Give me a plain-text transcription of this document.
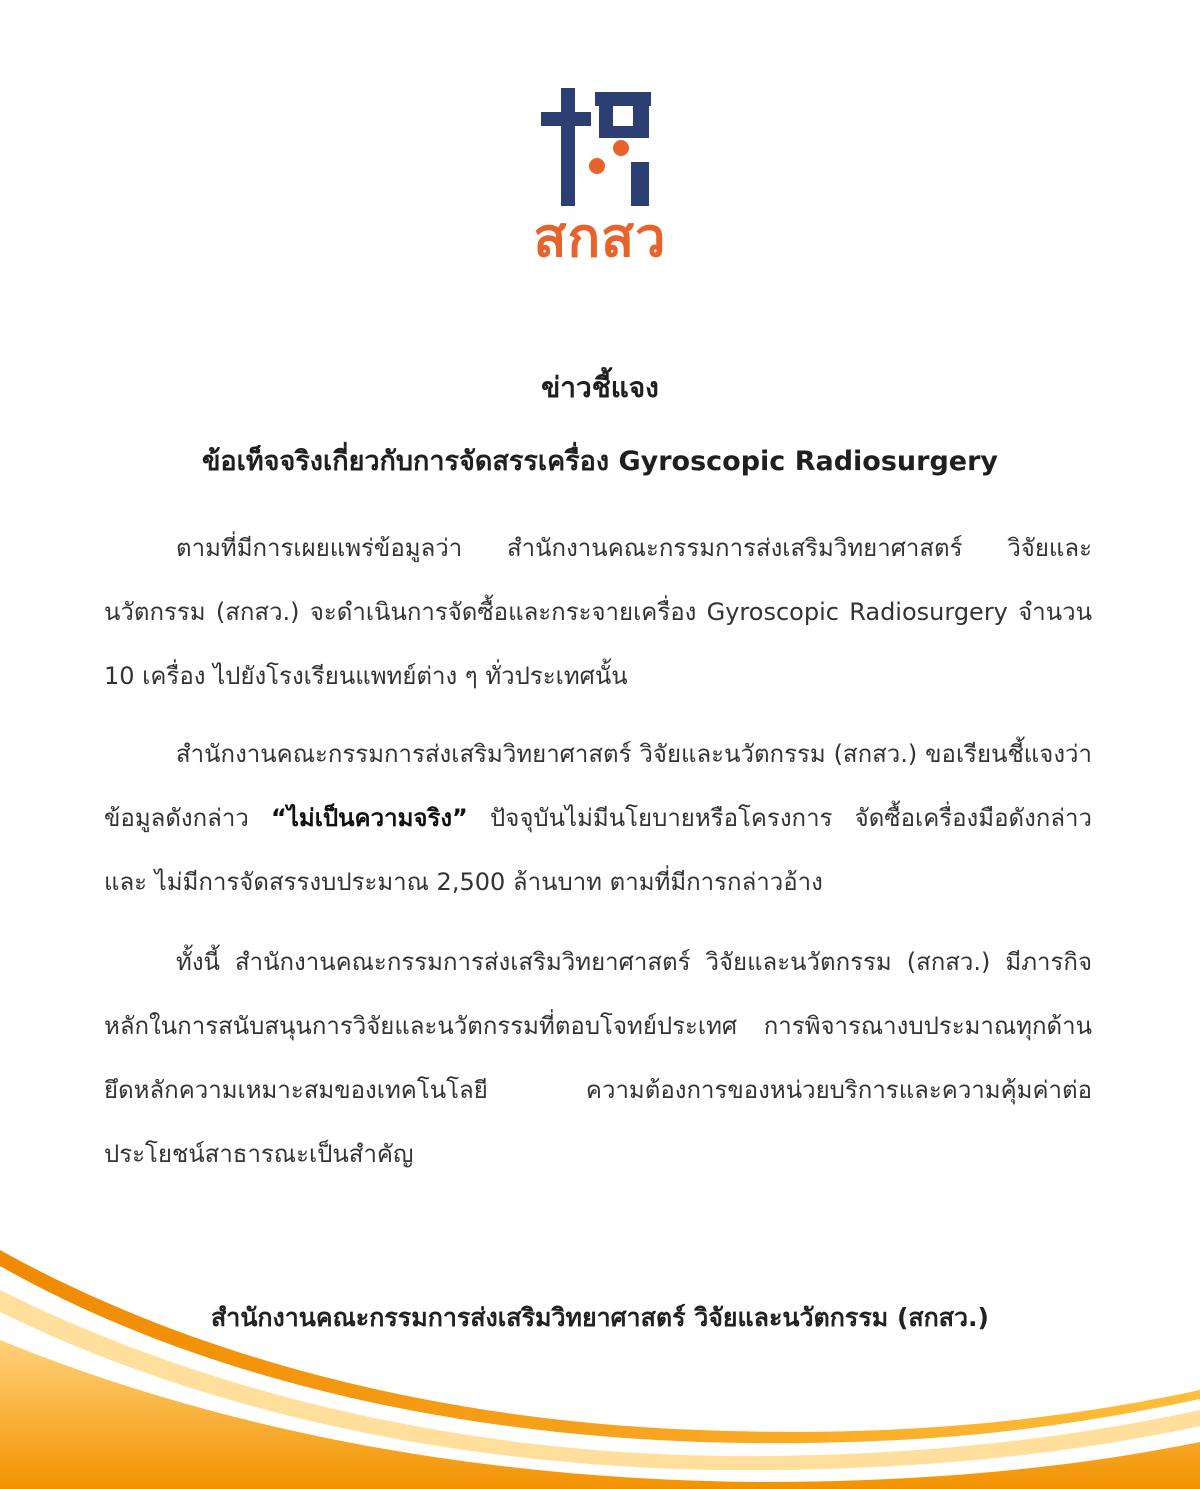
สกสว
ข่าวชี้แจง
ข้อเท็จจริงเกี่ยวกับการจัดสรรเครื่อง Gyroscopic Radiosurgery
ตามที่มีการเผยแพร่ข้อมูลว่า สำนักงานคณะกรรมการส่งเสริมวิทยาศาสตร์ วิจัยและนวัตกรรม (สกสว.) จะดำเนินการจัดซื้อและกระจายเครื่อง Gyroscopic Radiosurgery จำนวน 10 เครื่อง ไปยังโรงเรียนแพทย์ต่าง ๆ ทั่วประเทศนั้น
สำนักงานคณะกรรมการส่งเสริมวิทยาศาสตร์ วิจัยและนวัตกรรม (สกสว.) ขอเรียนชี้แจงว่า ข้อมูลดังกล่าว “ไม่เป็นความจริง” ปัจจุบันไม่มีนโยบายหรือโครงการ จัดซื้อเครื่องมือดังกล่าว และ ไม่มีการจัดสรรงบประมาณ 2,500 ล้านบาท ตามที่มีการกล่าวอ้าง
ทั้งนี้ สำนักงานคณะกรรมการส่งเสริมวิทยาศาสตร์ วิจัยและนวัตกรรม (สกสว.) มีภารกิจหลักในการสนับสนุนการวิจัยและนวัตกรรมที่ตอบโจทย์ประเทศ การพิจารณางบประมาณทุกด้านยึดหลักความเหมาะสมของเทคโนโลยี ความต้องการของหน่วยบริการและความคุ้มค่าต่อประโยชน์สาธารณะเป็นสำคัญ
สำนักงานคณะกรรมการส่งเสริมวิทยาศาสตร์ วิจัยและนวัตกรรม (สกสว.)
